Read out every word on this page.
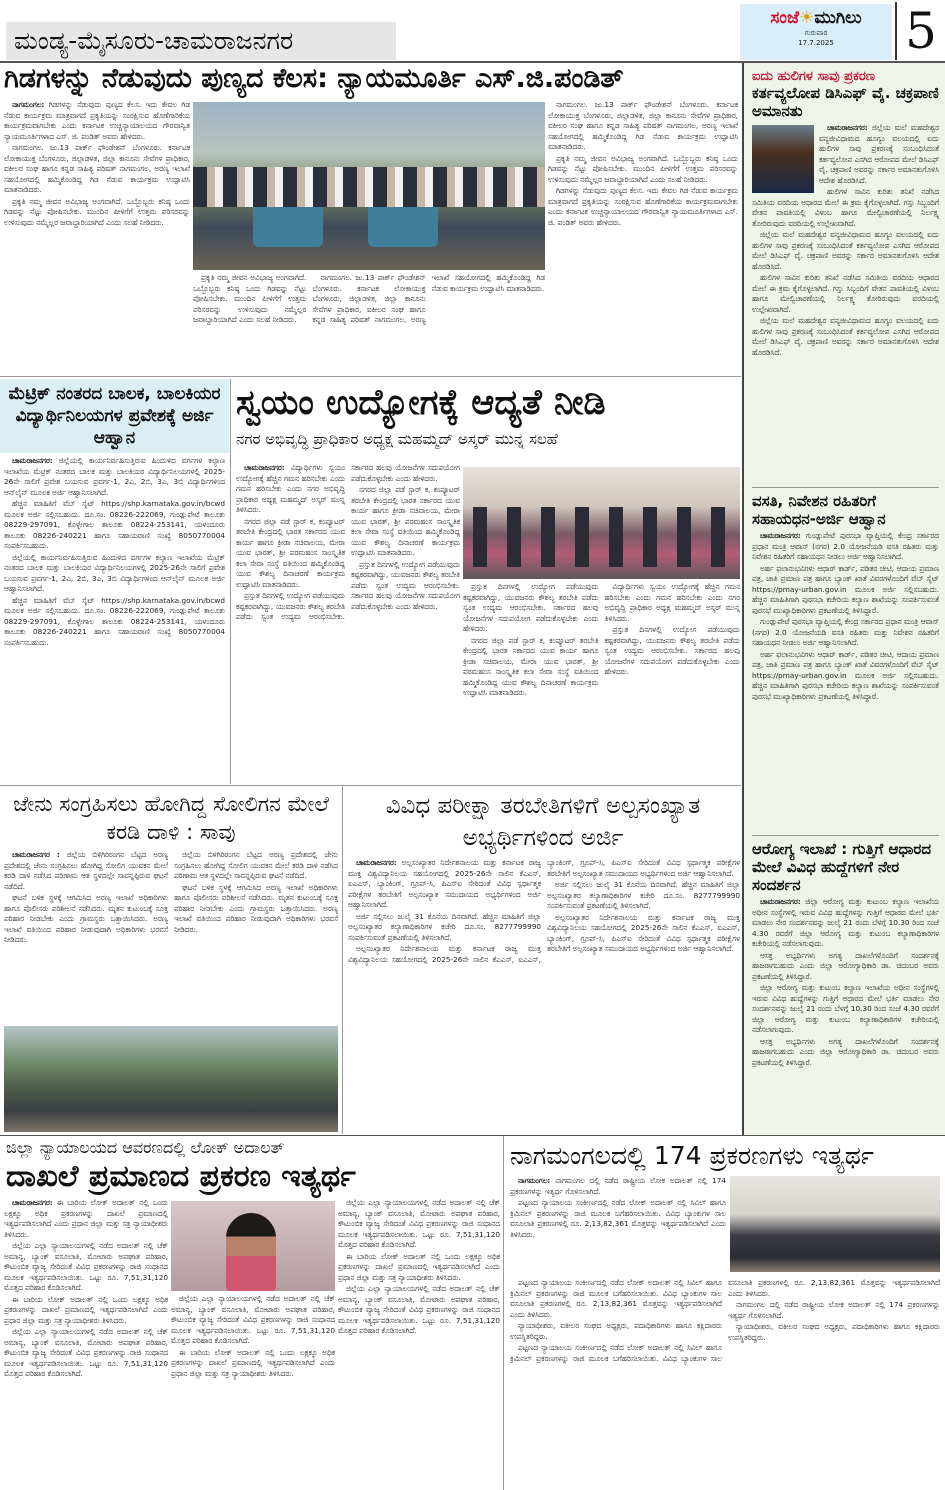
ಮಂಡ್ಯ-ಮೈಸೂರು-ಚಾಮರಾಜನಗರ
ಸಂಜೆ☀ಮುಗಿಲು
ಗುರುವಾರ
17.7.2025	5
ಗಿಡಗಳನ್ನು ನೆಡುವುದು ಪುಣ್ಯದ ಕೆಲಸ: ನ್ಯಾಯಮೂರ್ತಿ ಎಸ್.ಜಿ.ಪಂಡಿತ್

ನಾಗಮಂಗಲ: ಗಿಡಗಳನ್ನು ನೆಡುವುದು ಪುಣ್ಯದ ಕೆಲಸ. ಇದು ಕೇವಲ ಗಿಡ ನೆಡುವ ಕಾರ್ಯಕ್ರಮ ಮಾತ್ರವಾಗದೆ ಪ್ರಕೃತಿಯನ್ನು ಸಂರಕ್ಷಿಸುವ ಹೊಣೆಗಾರಿಕೆಯ ಕಾರ್ಯಕ್ರಮವಾಗಬೇಕು ಎಂದು ಕರ್ನಾಟಕ ಉಚ್ಚನ್ಯಾಯಾಲಯದ ಗೌರವಾನ್ವಿತ ನ್ಯಾಯಮೂರ್ತಿಗಳಾದ ಎಸ್. ಜಿ. ಪಂಡಿತ್ ಅವರು ಹೇಳಿದರು.

ನಾಗಮಂಗಲ. ಜು.13 ಪಾರ್ಕ್ ಫೌಂಡೇಶನ್ ಬೆಂಗಳೂರು. ಕರ್ನಾಟಕ ಲೋಕಾಯುಕ್ತ ಬೆಂಗಳೂರು, ಜಿಲ್ಲಾಡಳಿತ, ಜಿಲ್ಲಾ ಕಾನೂನು ಸೇವೆಗಳ ಪ್ರಾಧಿಕಾರ, ವಕೀಲರ ಸಂಘ ಹಾಗೂ ಕನ್ನಡ ಸಾಹಿತ್ಯ ಪರಿಷತ್ ನಾಗಮಂಗಲ, ಅರಣ್ಯ ಇಲಾಖೆ ಸಹಯೋಗದಲ್ಲಿ ಹಮ್ಮಿಕೊಂಡಿದ್ದ ಗಿಡ ನೆಡುವ ಕಾರ್ಯಕ್ರಮ ಉದ್ಘಾಟಿಸಿ ಮಾತನಾಡಿದರು.

ಪ್ರಕೃತಿ ನಮ್ಮ ಜೀವನ ಅವಿಭಾಜ್ಯ ಅಂಗವಾಗಿದೆ. ಒಬ್ಬೊಬ್ಬರು ಕನಿಷ್ಠ ಒಂದು ಗಿಡವನ್ನು ನೆಟ್ಟು ಪೋಷಿಸಬೇಕು. ಮುಂದಿನ ಪೀಳಿಗೆಗೆ ಉತ್ತಮ ಪರಿಸರವನ್ನು ಉಳಿಸುವುದು ನಮ್ಮೆಲ್ಲರ ಜವಾಬ್ದಾರಿಯಾಗಿದೆ ಎಂದು ಸಲಹೆ ನೀಡಿದರು.

ಪ್ರಕೃತಿ ನಮ್ಮ ಜೀವನ ಅವಿಭಾಜ್ಯ ಅಂಗವಾಗಿದೆ. ಒಬ್ಬೊಬ್ಬರು ಕನಿಷ್ಠ ಒಂದು ಗಿಡವನ್ನು ನೆಟ್ಟು ಪೋಷಿಸಬೇಕು. ಮುಂದಿನ ಪೀಳಿಗೆಗೆ ಉತ್ತಮ ಪರಿಸರವನ್ನು ಉಳಿಸುವುದು ನಮ್ಮೆಲ್ಲರ ಜವಾಬ್ದಾರಿಯಾಗಿದೆ ಎಂದು ಸಲಹೆ ನೀಡಿದರು.

ನಾಗಮಂಗಲ. ಜು.13 ಪಾರ್ಕ್ ಫೌಂಡೇಶನ್ ಬೆಂಗಳೂರು. ಕರ್ನಾಟಕ ಲೋಕಾಯುಕ್ತ ಬೆಂಗಳೂರು, ಜಿಲ್ಲಾಡಳಿತ, ಜಿಲ್ಲಾ ಕಾನೂನು ಸೇವೆಗಳ ಪ್ರಾಧಿಕಾರ, ವಕೀಲರ ಸಂಘ ಹಾಗೂ ಕನ್ನಡ ಸಾಹಿತ್ಯ ಪರಿಷತ್ ನಾಗಮಂಗಲ, ಅರಣ್ಯ ಇಲಾಖೆ ಸಹಯೋಗದಲ್ಲಿ ಹಮ್ಮಿಕೊಂಡಿದ್ದ ಗಿಡ ನೆಡುವ ಕಾರ್ಯಕ್ರಮ ಉದ್ಘಾಟಿಸಿ ಮಾತನಾಡಿದರು.

ನಾಗಮಂಗಲ. ಜು.13 ಪಾರ್ಕ್ ಫೌಂಡೇಶನ್ ಬೆಂಗಳೂರು. ಕರ್ನಾಟಕ ಲೋಕಾಯುಕ್ತ ಬೆಂಗಳೂರು, ಜಿಲ್ಲಾಡಳಿತ, ಜಿಲ್ಲಾ ಕಾನೂನು ಸೇವೆಗಳ ಪ್ರಾಧಿಕಾರ, ವಕೀಲರ ಸಂಘ ಹಾಗೂ ಕನ್ನಡ ಸಾಹಿತ್ಯ ಪರಿಷತ್ ನಾಗಮಂಗಲ, ಅರಣ್ಯ ಇಲಾಖೆ ಸಹಯೋಗದಲ್ಲಿ ಹಮ್ಮಿಕೊಂಡಿದ್ದ ಗಿಡ ನೆಡುವ ಕಾರ್ಯಕ್ರಮ ಉದ್ಘಾಟಿಸಿ ಮಾತನಾಡಿದರು.

ಪ್ರಕೃತಿ ನಮ್ಮ ಜೀವನ ಅವಿಭಾಜ್ಯ ಅಂಗವಾಗಿದೆ. ಒಬ್ಬೊಬ್ಬರು ಕನಿಷ್ಠ ಒಂದು ಗಿಡವನ್ನು ನೆಟ್ಟು ಪೋಷಿಸಬೇಕು. ಮುಂದಿನ ಪೀಳಿಗೆಗೆ ಉತ್ತಮ ಪರಿಸರವನ್ನು ಉಳಿಸುವುದು ನಮ್ಮೆಲ್ಲರ ಜವಾಬ್ದಾರಿಯಾಗಿದೆ ಎಂದು ಸಲಹೆ ನೀಡಿದರು.

ಗಿಡಗಳನ್ನು ನೆಡುವುದು ಪುಣ್ಯದ ಕೆಲಸ. ಇದು ಕೇವಲ ಗಿಡ ನೆಡುವ ಕಾರ್ಯಕ್ರಮ ಮಾತ್ರವಾಗದೆ ಪ್ರಕೃತಿಯನ್ನು ಸಂರಕ್ಷಿಸುವ ಹೊಣೆಗಾರಿಕೆಯ ಕಾರ್ಯಕ್ರಮವಾಗಬೇಕು ಎಂದು ಕರ್ನಾಟಕ ಉಚ್ಚನ್ಯಾಯಾಲಯದ ಗೌರವಾನ್ವಿತ ನ್ಯಾಯಮೂರ್ತಿಗಳಾದ ಎಸ್. ಜಿ. ಪಂಡಿತ್ ಅವರು ಹೇಳಿದರು.

ಐದು ಹುಲಿಗಳ ಸಾವು ಪ್ರಕರಣ
ಕರ್ತವ್ಯಲೋಪ ಡಿಸಿಎಫ್ ವೈ. ಚಕ್ರಪಾಣಿ ಅಮಾನತು

ಚಾಮರಾಜನಗರ: ಜಿಲ್ಲೆಯ ಮಲೆ ಮಹದೇಶ್ವರ ವನ್ಯಜೀವಿಧಾಮದ ಹೂಗ್ಯಂ ವಲಯದಲ್ಲಿ ಐದು ಹುಲಿಗಳ ಸಾವು ಪ್ರಕರಣಕ್ಕೆ ಸಂಬಂಧಿಸಿದಂತೆ ಕರ್ತವ್ಯಲೋಪ ಎಸಗಿದ ಆರೋಪದ ಮೇಲೆ ಡಿಸಿಎಫ್ ವೈ. ಚಕ್ರಪಾಣಿ ಅವರನ್ನು ಸರ್ಕಾರ ಅಮಾನತುಗೊಳಿಸಿ ಆದೇಶ ಹೊರಡಿಸಿದೆ.

ಹುಲಿಗಳ ಸಾವಿನ ಕುರಿತು ತನಿಖೆ ನಡೆಸಿದ ಸಮಿತಿಯ ವರದಿಯ ಆಧಾರದ ಮೇಲೆ ಈ ಕ್ರಮ ಕೈಗೊಳ್ಳಲಾಗಿದೆ. ಗಸ್ತು ಸಿಬ್ಬಂದಿಗೆ ವೇತನ ಪಾವತಿಯಲ್ಲಿ ವಿಳಂಬ ಹಾಗೂ ಮೇಲ್ವಿಚಾರಣೆಯಲ್ಲಿ ನಿರ್ಲಕ್ಷ್ಯ ತೋರಿರುವುದು ವರದಿಯಲ್ಲಿ ಉಲ್ಲೇಖವಾಗಿದೆ.

ಜಿಲ್ಲೆಯ ಮಲೆ ಮಹದೇಶ್ವರ ವನ್ಯಜೀವಿಧಾಮದ ಹೂಗ್ಯಂ ವಲಯದಲ್ಲಿ ಐದು ಹುಲಿಗಳ ಸಾವು ಪ್ರಕರಣಕ್ಕೆ ಸಂಬಂಧಿಸಿದಂತೆ ಕರ್ತವ್ಯಲೋಪ ಎಸಗಿದ ಆರೋಪದ ಮೇಲೆ ಡಿಸಿಎಫ್ ವೈ. ಚಕ್ರಪಾಣಿ ಅವರನ್ನು ಸರ್ಕಾರ ಅಮಾನತುಗೊಳಿಸಿ ಆದೇಶ ಹೊರಡಿಸಿದೆ.

ಹುಲಿಗಳ ಸಾವಿನ ಕುರಿತು ತನಿಖೆ ನಡೆಸಿದ ಸಮಿತಿಯ ವರದಿಯ ಆಧಾರದ ಮೇಲೆ ಈ ಕ್ರಮ ಕೈಗೊಳ್ಳಲಾಗಿದೆ. ಗಸ್ತು ಸಿಬ್ಬಂದಿಗೆ ವೇತನ ಪಾವತಿಯಲ್ಲಿ ವಿಳಂಬ ಹಾಗೂ ಮೇಲ್ವಿಚಾರಣೆಯಲ್ಲಿ ನಿರ್ಲಕ್ಷ್ಯ ತೋರಿರುವುದು ವರದಿಯಲ್ಲಿ ಉಲ್ಲೇಖವಾಗಿದೆ.

ಜಿಲ್ಲೆಯ ಮಲೆ ಮಹದೇಶ್ವರ ವನ್ಯಜೀವಿಧಾಮದ ಹೂಗ್ಯಂ ವಲಯದಲ್ಲಿ ಐದು ಹುಲಿಗಳ ಸಾವು ಪ್ರಕರಣಕ್ಕೆ ಸಂಬಂಧಿಸಿದಂತೆ ಕರ್ತವ್ಯಲೋಪ ಎಸಗಿದ ಆರೋಪದ ಮೇಲೆ ಡಿಸಿಎಫ್ ವೈ. ಚಕ್ರಪಾಣಿ ಅವರನ್ನು ಸರ್ಕಾರ ಅಮಾನತುಗೊಳಿಸಿ ಆದೇಶ ಹೊರಡಿಸಿದೆ.

ವಸತಿ, ನಿವೇಶನ ರಹಿತರಿಗೆ ಸಹಾಯಧನ-ಅರ್ಜಿ ಆಹ್ವಾನ

ಚಾಮರಾಜನಗರ: ಗುಂಡ್ಲುಪೇಟೆ ಪುರಸಭಾ ವ್ಯಾಪ್ತಿಯಲ್ಲಿ ಕೇಂದ್ರ ಸರ್ಕಾರದ ಪ್ರಧಾನ ಮಂತ್ರಿ ಆವಾಸ್ (ನಗರ) 2.0 ಯೋಜನೆಯಡಿ ವಸತಿ ರಹಿತರು ಮತ್ತು ನಿವೇಶನ ರಹಿತರಿಗೆ ಸಹಾಯಧನ ನೀಡಲು ಅರ್ಜಿ ಆಹ್ವಾನಿಸಲಾಗಿದೆ.

ಅರ್ಹ ಫಲಾನುಭವಿಗಳು ಆಧಾರ್ ಕಾರ್ಡ್, ಪಡಿತರ ಚೀಟಿ, ಆದಾಯ ಪ್ರಮಾಣ ಪತ್ರ, ಜಾತಿ ಪ್ರಮಾಣ ಪತ್ರ ಹಾಗೂ ಬ್ಯಾಂಕ್ ಖಾತೆ ವಿವರಗಳೊಂದಿಗೆ ವೆಬ್ ಸೈಟ್ https://pmay-urban.gov.in ಮೂಲಕ ಅರ್ಜಿ ಸಲ್ಲಿಸಬಹುದು. ಹೆಚ್ಚಿನ ಮಾಹಿತಿಗಾಗಿ ಪುರಸಭಾ ಕಚೇರಿಯ ಕಲ್ಯಾಣ ಶಾಖೆಯನ್ನು ಸಂಪರ್ಕಿಸುವಂತೆ ಪುರಸಭೆ ಮುಖ್ಯಾಧಿಕಾರಿಗಳು ಪ್ರಕಟಣೆಯಲ್ಲಿ ತಿಳಿಸಿದ್ದಾರೆ.

ಗುಂಡ್ಲುಪೇಟೆ ಪುರಸಭಾ ವ್ಯಾಪ್ತಿಯಲ್ಲಿ ಕೇಂದ್ರ ಸರ್ಕಾರದ ಪ್ರಧಾನ ಮಂತ್ರಿ ಆವಾಸ್ (ನಗರ) 2.0 ಯೋಜನೆಯಡಿ ವಸತಿ ರಹಿತರು ಮತ್ತು ನಿವೇಶನ ರಹಿತರಿಗೆ ಸಹಾಯಧನ ನೀಡಲು ಅರ್ಜಿ ಆಹ್ವಾನಿಸಲಾಗಿದೆ.

ಅರ್ಹ ಫಲಾನುಭವಿಗಳು ಆಧಾರ್ ಕಾರ್ಡ್, ಪಡಿತರ ಚೀಟಿ, ಆದಾಯ ಪ್ರಮಾಣ ಪತ್ರ, ಜಾತಿ ಪ್ರಮಾಣ ಪತ್ರ ಹಾಗೂ ಬ್ಯಾಂಕ್ ಖಾತೆ ವಿವರಗಳೊಂದಿಗೆ ವೆಬ್ ಸೈಟ್ https://pmay-urban.gov.in ಮೂಲಕ ಅರ್ಜಿ ಸಲ್ಲಿಸಬಹುದು. ಹೆಚ್ಚಿನ ಮಾಹಿತಿಗಾಗಿ ಪುರಸಭಾ ಕಚೇರಿಯ ಕಲ್ಯಾಣ ಶಾಖೆಯನ್ನು ಸಂಪರ್ಕಿಸುವಂತೆ ಪುರಸಭೆ ಮುಖ್ಯಾಧಿಕಾರಿಗಳು ಪ್ರಕಟಣೆಯಲ್ಲಿ ತಿಳಿಸಿದ್ದಾರೆ.

ಆರೋಗ್ಯ ಇಲಾಖೆ : ಗುತ್ತಿಗೆ ಆಧಾರದ ಮೇಲೆ ವಿವಿಧ ಹುದ್ದೆಗಳಿಗೆ ನೇರ ಸಂದರ್ಶನ

ಚಾಮರಾಜನಗರ: ಜಿಲ್ಲಾ ಆರೋಗ್ಯ ಮತ್ತು ಕುಟುಂಬ ಕಲ್ಯಾಣ ಇಲಾಖೆಯ ಅಧೀನ ಸಂಸ್ಥೆಗಳಲ್ಲಿ ಇರುವ ವಿವಿಧ ಹುದ್ದೆಗಳನ್ನು ಗುತ್ತಿಗೆ ಆಧಾರದ ಮೇಲೆ ಭರ್ತಿ ಮಾಡಲು ನೇರ ಸಂದರ್ಶನವನ್ನು ಜುಲೈ 21 ರಂದು ಬೆಳಗ್ಗೆ 10.30 ರಿಂದ ಸಂಜೆ 4.30 ರವರೆಗೆ ಜಿಲ್ಲಾ ಆರೋಗ್ಯ ಮತ್ತು ಕುಟುಂಬ ಕಲ್ಯಾಣಾಧಿಕಾರಿಗಳ ಕಚೇರಿಯಲ್ಲಿ ನಡೆಸಲಾಗುವುದು.

ಆಸಕ್ತ ಅಭ್ಯರ್ಥಿಗಳು ಅಗತ್ಯ ದಾಖಲೆಗಳೊಂದಿಗೆ ಸಂದರ್ಶನಕ್ಕೆ ಹಾಜರಾಗಬಹುದು ಎಂದು ಜಿಲ್ಲಾ ಆರೋಗ್ಯಾಧಿಕಾರಿ ಡಾ. ಚಿದಂಬರ ಅವರು ಪ್ರಕಟಣೆಯಲ್ಲಿ ತಿಳಿಸಿದ್ದಾರೆ.

ಜಿಲ್ಲಾ ಆರೋಗ್ಯ ಮತ್ತು ಕುಟುಂಬ ಕಲ್ಯಾಣ ಇಲಾಖೆಯ ಅಧೀನ ಸಂಸ್ಥೆಗಳಲ್ಲಿ ಇರುವ ವಿವಿಧ ಹುದ್ದೆಗಳನ್ನು ಗುತ್ತಿಗೆ ಆಧಾರದ ಮೇಲೆ ಭರ್ತಿ ಮಾಡಲು ನೇರ ಸಂದರ್ಶನವನ್ನು ಜುಲೈ 21 ರಂದು ಬೆಳಗ್ಗೆ 10.30 ರಿಂದ ಸಂಜೆ 4.30 ರವರೆಗೆ ಜಿಲ್ಲಾ ಆರೋಗ್ಯ ಮತ್ತು ಕುಟುಂಬ ಕಲ್ಯಾಣಾಧಿಕಾರಿಗಳ ಕಚೇರಿಯಲ್ಲಿ ನಡೆಸಲಾಗುವುದು.

ಆಸಕ್ತ ಅಭ್ಯರ್ಥಿಗಳು ಅಗತ್ಯ ದಾಖಲೆಗಳೊಂದಿಗೆ ಸಂದರ್ಶನಕ್ಕೆ ಹಾಜರಾಗಬಹುದು ಎಂದು ಜಿಲ್ಲಾ ಆರೋಗ್ಯಾಧಿಕಾರಿ ಡಾ. ಚಿದಂಬರ ಅವರು ಪ್ರಕಟಣೆಯಲ್ಲಿ ತಿಳಿಸಿದ್ದಾರೆ.

ಮೆಟ್ರಿಕ್ ನಂತರದ ಬಾಲಕ, ಬಾಲಕಿಯರ ವಿದ್ಯಾರ್ಥಿನಿಲಯಗಳ ಪ್ರವೇಶಕ್ಕೆ ಅರ್ಜಿ ಆಹ್ವಾನ

ಚಾಮರಾಜನಗರ: ಜಿಲ್ಲೆಯಲ್ಲಿ ಕಾರ್ಯನಿರ್ವಹಿಸುತ್ತಿರುವ ಹಿಂದುಳಿದ ವರ್ಗಗಳ ಕಲ್ಯಾಣ ಇಲಾಖೆಯ ಮೆಟ್ರಿಕ್ ನಂತರದ ಬಾಲಕ ಮತ್ತು ಬಾಲಕಿಯರ ವಿದ್ಯಾರ್ಥಿನಿಲಯಗಳಲ್ಲಿ 2025-26ನೇ ಸಾಲಿಗೆ ಪ್ರವೇಶ ಬಯಸುವ ಪ್ರವರ್ಗ-1, 2ಎ, 2ಬಿ, 3ಎ, 3ಬಿ ವಿದ್ಯಾರ್ಥಿಗಳಿಂದ ಆನ್‌ಲೈನ್ ಮೂಲಕ ಅರ್ಜಿ ಆಹ್ವಾನಿಸಲಾಗಿದೆ.

ಹೆಚ್ಚಿನ ಮಾಹಿತಿಗೆ ವೆಬ್ ಸೈಟ್ https://shp.karnataka.gov.in/bcwd ಮೂಲಕ ಅರ್ಜಿ ಸಲ್ಲಿಸಬಹುದು. ದೂ.ಸಂ. 08226-222069, ಗುಂಡ್ಲುಪೇಟೆ ತಾಲೂಕು 08229-297091, ಕೊಳ್ಳೇಗಾಲ ತಾಲೂಕು 08224-253141, ಯಳಂದೂರು ತಾಲೂಕು 08226-240221 ಹಾಗೂ ಸಹಾಯವಾಣಿ ಸಂಖ್ಯೆ 8050770004 ಸಂಪರ್ಕಿಸಬಹುದು.

ಜಿಲ್ಲೆಯಲ್ಲಿ ಕಾರ್ಯನಿರ್ವಹಿಸುತ್ತಿರುವ ಹಿಂದುಳಿದ ವರ್ಗಗಳ ಕಲ್ಯಾಣ ಇಲಾಖೆಯ ಮೆಟ್ರಿಕ್ ನಂತರದ ಬಾಲಕ ಮತ್ತು ಬಾಲಕಿಯರ ವಿದ್ಯಾರ್ಥಿನಿಲಯಗಳಲ್ಲಿ 2025-26ನೇ ಸಾಲಿಗೆ ಪ್ರವೇಶ ಬಯಸುವ ಪ್ರವರ್ಗ-1, 2ಎ, 2ಬಿ, 3ಎ, 3ಬಿ ವಿದ್ಯಾರ್ಥಿಗಳಿಂದ ಆನ್‌ಲೈನ್ ಮೂಲಕ ಅರ್ಜಿ ಆಹ್ವಾನಿಸಲಾಗಿದೆ.

ಹೆಚ್ಚಿನ ಮಾಹಿತಿಗೆ ವೆಬ್ ಸೈಟ್ https://shp.karnataka.gov.in/bcwd ಮೂಲಕ ಅರ್ಜಿ ಸಲ್ಲಿಸಬಹುದು. ದೂ.ಸಂ. 08226-222069, ಗುಂಡ್ಲುಪೇಟೆ ತಾಲೂಕು 08229-297091, ಕೊಳ್ಳೇಗಾಲ ತಾಲೂಕು 08224-253141, ಯಳಂದೂರು ತಾಲೂಕು 08226-240221 ಹಾಗೂ ಸಹಾಯವಾಣಿ ಸಂಖ್ಯೆ 8050770004 ಸಂಪರ್ಕಿಸಬಹುದು.

ಸ್ವಯಂ ಉದ್ಯೋಗಕ್ಕೆ ಆದ್ಯತೆ ನೀಡಿ
ನಗರ ಅಭಿವೃದ್ಧಿ ಪ್ರಾಧಿಕಾರ ಅಧ್ಯಕ್ಷ ಮಹಮ್ಮದ್ ಅಸ್ಕರ್ ಮುನ್ನ ಸಲಹೆ

ಚಾಮರಾಜನಗರ: ವಿದ್ಯಾರ್ಥಿಗಳು ಸ್ವಯಂ ಉದ್ಯೋಗಕ್ಕೆ ಹೆಚ್ಚಿನ ಗಮನ ಹರಿಸಬೇಕು ಎಂದು ಗಮನ ಹರಿಸಬೇಕು ಎಂದು ನಗರ ಅಭಿವೃದ್ಧಿ ಪ್ರಾಧಿಕಾರ ಅಧ್ಯಕ್ಷ ಮಹಮ್ಮದ್ ಅಸ್ಕರ್ ಮುನ್ನ ತಿಳಿಸಿದರು.

ನಗರದ ಜಿಲ್ಲಾ ಪಡೆ ಸ್ಟಾರ್ ಕ, ಕಂಪ್ಯೂಟರ್ ತರಬೇತಿ ಕೇಂದ್ರದಲ್ಲಿ ಭಾರತ ಸರ್ಕಾರದ ಯುವ ಕಾರ್ಯ ಹಾಗೂ ಕ್ರೀಡಾ ಸಚಿವಾಲಯ, ಮೇರಾ ಯುವ ಭಾರತ್, ಶ್ರೀ ಪರಮಹಂಸ ಸಾಂಸ್ಕೃತಿಕ ಕಲಾ ಸೇವಾ ಸಂಸ್ಥೆ ವತಿಯಿಂದ ಹಮ್ಮಿಕೊಂಡಿದ್ದ ಯುವ ಕೌಶಲ್ಯ ದಿನಾಚರಣೆ ಕಾರ್ಯಕ್ರಮ ಉದ್ಘಾಟಿಸಿ ಮಾತನಾಡಿದರು.

ಪ್ರಸ್ತುತ ದಿನಗಳಲ್ಲಿ ಉದ್ಯೋಗ ಪಡೆಯುವುದು ಕಷ್ಟಕರವಾಗಿದ್ದು, ಯುವಜನರು ಕೌಶಲ್ಯ ತರಬೇತಿ ಪಡೆದು ಸ್ವಂತ ಉದ್ಯಮ ಆರಂಭಿಸಬೇಕು. ಸರ್ಕಾರದ ಹಲವು ಯೋಜನೆಗಳ ಸದುಪಯೋಗ ಪಡೆದುಕೊಳ್ಳಬೇಕು ಎಂದು ಹೇಳಿದರು.

ನಗರದ ಜಿಲ್ಲಾ ಪಡೆ ಸ್ಟಾರ್ ಕ, ಕಂಪ್ಯೂಟರ್ ತರಬೇತಿ ಕೇಂದ್ರದಲ್ಲಿ ಭಾರತ ಸರ್ಕಾರದ ಯುವ ಕಾರ್ಯ ಹಾಗೂ ಕ್ರೀಡಾ ಸಚಿವಾಲಯ, ಮೇರಾ ಯುವ ಭಾರತ್, ಶ್ರೀ ಪರಮಹಂಸ ಸಾಂಸ್ಕೃತಿಕ ಕಲಾ ಸೇವಾ ಸಂಸ್ಥೆ ವತಿಯಿಂದ ಹಮ್ಮಿಕೊಂಡಿದ್ದ ಯುವ ಕೌಶಲ್ಯ ದಿನಾಚರಣೆ ಕಾರ್ಯಕ್ರಮ ಉದ್ಘಾಟಿಸಿ ಮಾತನಾಡಿದರು.

ಪ್ರಸ್ತುತ ದಿನಗಳಲ್ಲಿ ಉದ್ಯೋಗ ಪಡೆಯುವುದು ಕಷ್ಟಕರವಾಗಿದ್ದು, ಯುವಜನರು ಕೌಶಲ್ಯ ತರಬೇತಿ ಪಡೆದು ಸ್ವಂತ ಉದ್ಯಮ ಆರಂಭಿಸಬೇಕು. ಸರ್ಕಾರದ ಹಲವು ಯೋಜನೆಗಳ ಸದುಪಯೋಗ ಪಡೆದುಕೊಳ್ಳಬೇಕು ಎಂದು ಹೇಳಿದರು.

ಪ್ರಸ್ತುತ ದಿನಗಳಲ್ಲಿ ಉದ್ಯೋಗ ಪಡೆಯುವುದು ಕಷ್ಟಕರವಾಗಿದ್ದು, ಯುವಜನರು ಕೌಶಲ್ಯ ತರಬೇತಿ ಪಡೆದು ಸ್ವಂತ ಉದ್ಯಮ ಆರಂಭಿಸಬೇಕು. ಸರ್ಕಾರದ ಹಲವು ಯೋಜನೆಗಳ ಸದುಪಯೋಗ ಪಡೆದುಕೊಳ್ಳಬೇಕು ಎಂದು ಹೇಳಿದರು.

ನಗರದ ಜಿಲ್ಲಾ ಪಡೆ ಸ್ಟಾರ್ ಕ, ಕಂಪ್ಯೂಟರ್ ತರಬೇತಿ ಕೇಂದ್ರದಲ್ಲಿ ಭಾರತ ಸರ್ಕಾರದ ಯುವ ಕಾರ್ಯ ಹಾಗೂ ಕ್ರೀಡಾ ಸಚಿವಾಲಯ, ಮೇರಾ ಯುವ ಭಾರತ್, ಶ್ರೀ ಪರಮಹಂಸ ಸಾಂಸ್ಕೃತಿಕ ಕಲಾ ಸೇವಾ ಸಂಸ್ಥೆ ವತಿಯಿಂದ ಹಮ್ಮಿಕೊಂಡಿದ್ದ ಯುವ ಕೌಶಲ್ಯ ದಿನಾಚರಣೆ ಕಾರ್ಯಕ್ರಮ ಉದ್ಘಾಟಿಸಿ ಮಾತನಾಡಿದರು.

ವಿದ್ಯಾರ್ಥಿಗಳು ಸ್ವಯಂ ಉದ್ಯೋಗಕ್ಕೆ ಹೆಚ್ಚಿನ ಗಮನ ಹರಿಸಬೇಕು ಎಂದು ಗಮನ ಹರಿಸಬೇಕು ಎಂದು ನಗರ ಅಭಿವೃದ್ಧಿ ಪ್ರಾಧಿಕಾರ ಅಧ್ಯಕ್ಷ ಮಹಮ್ಮದ್ ಅಸ್ಕರ್ ಮುನ್ನ ತಿಳಿಸಿದರು.

ಪ್ರಸ್ತುತ ದಿನಗಳಲ್ಲಿ ಉದ್ಯೋಗ ಪಡೆಯುವುದು ಕಷ್ಟಕರವಾಗಿದ್ದು, ಯುವಜನರು ಕೌಶಲ್ಯ ತರಬೇತಿ ಪಡೆದು ಸ್ವಂತ ಉದ್ಯಮ ಆರಂಭಿಸಬೇಕು. ಸರ್ಕಾರದ ಹಲವು ಯೋಜನೆಗಳ ಸದುಪಯೋಗ ಪಡೆದುಕೊಳ್ಳಬೇಕು ಎಂದು ಹೇಳಿದರು.

ಜೇನು ಸಂಗ್ರಹಿಸಲು ಹೋಗಿದ್ದ ಸೋಲಿಗನ ಮೇಲೆ ಕರಡಿ ದಾಳಿ : ಸಾವು

ಚಾಮರಾಜನಗರ : ಜಿಲ್ಲೆಯ ಬಿಳಿಗಿರಿರಂಗನ ಬೆಟ್ಟದ ಅರಣ್ಯ ಪ್ರದೇಶದಲ್ಲಿ ಜೇನು ಸಂಗ್ರಹಿಸಲು ಹೋಗಿದ್ದ ಸೋಲಿಗ ಯುವಕನ ಮೇಲೆ ಕರಡಿ ದಾಳಿ ನಡೆಸಿದ ಪರಿಣಾಮ ಆತ ಸ್ಥಳದಲ್ಲೇ ಸಾವನ್ನಪ್ಪಿರುವ ಘಟನೆ ನಡೆದಿದೆ.

ಘಟನೆ ಬಳಿಕ ಸ್ಥಳಕ್ಕೆ ಆಗಮಿಸಿದ ಅರಣ್ಯ ಇಲಾಖೆ ಅಧಿಕಾರಿಗಳು ಹಾಗೂ ಪೊಲೀಸರು ಪರಿಶೀಲನೆ ನಡೆಸಿದರು. ಮೃತನ ಕುಟುಂಬಕ್ಕೆ ಸೂಕ್ತ ಪರಿಹಾರ ನೀಡಬೇಕು ಎಂದು ಗ್ರಾಮಸ್ಥರು ಒತ್ತಾಯಿಸಿದರು. ಅರಣ್ಯ ಇಲಾಖೆ ವತಿಯಿಂದ ಪರಿಹಾರ ನೀಡುವುದಾಗಿ ಅಧಿಕಾರಿಗಳು ಭರವಸೆ ನೀಡಿದರು.

ಜಿಲ್ಲೆಯ ಬಿಳಿಗಿರಿರಂಗನ ಬೆಟ್ಟದ ಅರಣ್ಯ ಪ್ರದೇಶದಲ್ಲಿ ಜೇನು ಸಂಗ್ರಹಿಸಲು ಹೋಗಿದ್ದ ಸೋಲಿಗ ಯುವಕನ ಮೇಲೆ ಕರಡಿ ದಾಳಿ ನಡೆಸಿದ ಪರಿಣಾಮ ಆತ ಸ್ಥಳದಲ್ಲೇ ಸಾವನ್ನಪ್ಪಿರುವ ಘಟನೆ ನಡೆದಿದೆ.

ಘಟನೆ ಬಳಿಕ ಸ್ಥಳಕ್ಕೆ ಆಗಮಿಸಿದ ಅರಣ್ಯ ಇಲಾಖೆ ಅಧಿಕಾರಿಗಳು ಹಾಗೂ ಪೊಲೀಸರು ಪರಿಶೀಲನೆ ನಡೆಸಿದರು. ಮೃತನ ಕುಟುಂಬಕ್ಕೆ ಸೂಕ್ತ ಪರಿಹಾರ ನೀಡಬೇಕು ಎಂದು ಗ್ರಾಮಸ್ಥರು ಒತ್ತಾಯಿಸಿದರು. ಅರಣ್ಯ ಇಲಾಖೆ ವತಿಯಿಂದ ಪರಿಹಾರ ನೀಡುವುದಾಗಿ ಅಧಿಕಾರಿಗಳು ಭರವಸೆ ನೀಡಿದರು.

ವಿವಿಧ ಪರೀಕ್ಷಾ ತರಬೇತಿಗಳಿಗೆ ಅಲ್ಪಸಂಖ್ಯಾತ ಅಭ್ಯರ್ಥಿಗಳಿಂದ ಅರ್ಜಿ

ಚಾಮರಾಜನಗರ: ಅಲ್ಪಸಂಖ್ಯಾತರ ನಿರ್ದೇಶನಾಲಯ ಮತ್ತು ಕರ್ನಾಟಕ ರಾಜ್ಯ ಮುಕ್ತ ವಿಶ್ವವಿದ್ಯಾನಿಲಯ ಸಹಯೋಗದಲ್ಲಿ 2025-26ನೇ ಸಾಲಿನ ಕೆಎಎಸ್, ಐಎಎಸ್, ಬ್ಯಾಂಕಿಂಗ್, ಗ್ರೂಪ್-ಸಿ, ಪಿಎಸ್ಐ ಸೇರಿದಂತೆ ವಿವಿಧ ಸ್ಪರ್ಧಾತ್ಮಕ ಪರೀಕ್ಷೆಗಳ ತರಬೇತಿಗೆ ಅಲ್ಪಸಂಖ್ಯಾತ ಸಮುದಾಯದ ಅಭ್ಯರ್ಥಿಗಳಿಂದ ಅರ್ಜಿ ಆಹ್ವಾನಿಸಲಾಗಿದೆ.

ಅರ್ಜಿ ಸಲ್ಲಿಸಲು ಜುಲೈ 31 ಕೊನೆಯ ದಿನವಾಗಿದೆ. ಹೆಚ್ಚಿನ ಮಾಹಿತಿಗೆ ಜಿಲ್ಲಾ ಅಲ್ಪಸಂಖ್ಯಾತರ ಕಲ್ಯಾಣಾಧಿಕಾರಿಗಳ ಕಚೇರಿ ದೂ.ಸಂ. 8277799990 ಸಂಪರ್ಕಿಸುವಂತೆ ಪ್ರಕಟಣೆಯಲ್ಲಿ ತಿಳಿಸಲಾಗಿದೆ.

ಅಲ್ಪಸಂಖ್ಯಾತರ ನಿರ್ದೇಶನಾಲಯ ಮತ್ತು ಕರ್ನಾಟಕ ರಾಜ್ಯ ಮುಕ್ತ ವಿಶ್ವವಿದ್ಯಾನಿಲಯ ಸಹಯೋಗದಲ್ಲಿ 2025-26ನೇ ಸಾಲಿನ ಕೆಎಎಸ್, ಐಎಎಸ್, ಬ್ಯಾಂಕಿಂಗ್, ಗ್ರೂಪ್-ಸಿ, ಪಿಎಸ್ಐ ಸೇರಿದಂತೆ ವಿವಿಧ ಸ್ಪರ್ಧಾತ್ಮಕ ಪರೀಕ್ಷೆಗಳ ತರಬೇತಿಗೆ ಅಲ್ಪಸಂಖ್ಯಾತ ಸಮುದಾಯದ ಅಭ್ಯರ್ಥಿಗಳಿಂದ ಅರ್ಜಿ ಆಹ್ವಾನಿಸಲಾಗಿದೆ.

ಅರ್ಜಿ ಸಲ್ಲಿಸಲು ಜುಲೈ 31 ಕೊನೆಯ ದಿನವಾಗಿದೆ. ಹೆಚ್ಚಿನ ಮಾಹಿತಿಗೆ ಜಿಲ್ಲಾ ಅಲ್ಪಸಂಖ್ಯಾತರ ಕಲ್ಯಾಣಾಧಿಕಾರಿಗಳ ಕಚೇರಿ ದೂ.ಸಂ. 8277799990 ಸಂಪರ್ಕಿಸುವಂತೆ ಪ್ರಕಟಣೆಯಲ್ಲಿ ತಿಳಿಸಲಾಗಿದೆ.

ಅಲ್ಪಸಂಖ್ಯಾತರ ನಿರ್ದೇಶನಾಲಯ ಮತ್ತು ಕರ್ನಾಟಕ ರಾಜ್ಯ ಮುಕ್ತ ವಿಶ್ವವಿದ್ಯಾನಿಲಯ ಸಹಯೋಗದಲ್ಲಿ 2025-26ನೇ ಸಾಲಿನ ಕೆಎಎಸ್, ಐಎಎಸ್, ಬ್ಯಾಂಕಿಂಗ್, ಗ್ರೂಪ್-ಸಿ, ಪಿಎಸ್ಐ ಸೇರಿದಂತೆ ವಿವಿಧ ಸ್ಪರ್ಧಾತ್ಮಕ ಪರೀಕ್ಷೆಗಳ ತರಬೇತಿಗೆ ಅಲ್ಪಸಂಖ್ಯಾತ ಸಮುದಾಯದ ಅಭ್ಯರ್ಥಿಗಳಿಂದ ಅರ್ಜಿ ಆಹ್ವಾನಿಸಲಾಗಿದೆ.

ಜಿಲ್ಲಾ ನ್ಯಾಯಾಲಯದ ಆವರಣದಲ್ಲಿ ಲೋಕ್ ಅದಾಲತ್
ದಾಖಲೆ ಪ್ರಮಾಣದ ಪ್ರಕರಣ ಇತ್ಯರ್ಥ

ಚಾಮರಾಜನಗರ: ಈ ಬಾರಿಯ ಲೋಕ್ ಅದಾಲತ್ ನಲ್ಲಿ ಒಂದು ಲಕ್ಷಕ್ಕೂ ಅಧಿಕ ಪ್ರಕರಣಗಳನ್ನು ದಾಖಲೆ ಪ್ರಮಾಣದಲ್ಲಿ ಇತ್ಯರ್ಥಪಡಿಸಲಾಗಿದೆ ಎಂದು ಪ್ರಧಾನ ಜಿಲ್ಲಾ ಮತ್ತು ಸತ್ರ ನ್ಯಾಯಾಧೀಶರು ತಿಳಿಸಿದರು.

ಜಿಲ್ಲೆಯ ಎಲ್ಲಾ ನ್ಯಾಯಾಲಯಗಳಲ್ಲಿ ನಡೆದ ಅದಾಲತ್ ನಲ್ಲಿ ಚೆಕ್ ಅಮಾನ್ಯ, ಬ್ಯಾಂಕ್ ವಸೂಲಾತಿ, ಮೋಟಾರು ಅಪಘಾತ ಪರಿಹಾರ, ಕೌಟುಂಬಿಕ ವ್ಯಾಜ್ಯ ಸೇರಿದಂತೆ ವಿವಿಧ ಪ್ರಕರಣಗಳನ್ನು ರಾಜಿ ಸಂಧಾನದ ಮೂಲಕ ಇತ್ಯರ್ಥಪಡಿಸಲಾಯಿತು. ಒಟ್ಟು ರೂ. 7,51,31,120 ಮೊತ್ತದ ಪರಿಹಾರ ಕೊಡಿಸಲಾಗಿದೆ.

ಈ ಬಾರಿಯ ಲೋಕ್ ಅದಾಲತ್ ನಲ್ಲಿ ಒಂದು ಲಕ್ಷಕ್ಕೂ ಅಧಿಕ ಪ್ರಕರಣಗಳನ್ನು ದಾಖಲೆ ಪ್ರಮಾಣದಲ್ಲಿ ಇತ್ಯರ್ಥಪಡಿಸಲಾಗಿದೆ ಎಂದು ಪ್ರಧಾನ ಜಿಲ್ಲಾ ಮತ್ತು ಸತ್ರ ನ್ಯಾಯಾಧೀಶರು ತಿಳಿಸಿದರು.

ಜಿಲ್ಲೆಯ ಎಲ್ಲಾ ನ್ಯಾಯಾಲಯಗಳಲ್ಲಿ ನಡೆದ ಅದಾಲತ್ ನಲ್ಲಿ ಚೆಕ್ ಅಮಾನ್ಯ, ಬ್ಯಾಂಕ್ ವಸೂಲಾತಿ, ಮೋಟಾರು ಅಪಘಾತ ಪರಿಹಾರ, ಕೌಟುಂಬಿಕ ವ್ಯಾಜ್ಯ ಸೇರಿದಂತೆ ವಿವಿಧ ಪ್ರಕರಣಗಳನ್ನು ರಾಜಿ ಸಂಧಾನದ ಮೂಲಕ ಇತ್ಯರ್ಥಪಡಿಸಲಾಯಿತು. ಒಟ್ಟು ರೂ. 7,51,31,120 ಮೊತ್ತದ ಪರಿಹಾರ ಕೊಡಿಸಲಾಗಿದೆ.

ಜಿಲ್ಲೆಯ ಎಲ್ಲಾ ನ್ಯಾಯಾಲಯಗಳಲ್ಲಿ ನಡೆದ ಅದಾಲತ್ ನಲ್ಲಿ ಚೆಕ್ ಅಮಾನ್ಯ, ಬ್ಯಾಂಕ್ ವಸೂಲಾತಿ, ಮೋಟಾರು ಅಪಘಾತ ಪರಿಹಾರ, ಕೌಟುಂಬಿಕ ವ್ಯಾಜ್ಯ ಸೇರಿದಂತೆ ವಿವಿಧ ಪ್ರಕರಣಗಳನ್ನು ರಾಜಿ ಸಂಧಾನದ ಮೂಲಕ ಇತ್ಯರ್ಥಪಡಿಸಲಾಯಿತು. ಒಟ್ಟು ರೂ. 7,51,31,120 ಮೊತ್ತದ ಪರಿಹಾರ ಕೊಡಿಸಲಾಗಿದೆ.

ಈ ಬಾರಿಯ ಲೋಕ್ ಅದಾಲತ್ ನಲ್ಲಿ ಒಂದು ಲಕ್ಷಕ್ಕೂ ಅಧಿಕ ಪ್ರಕರಣಗಳನ್ನು ದಾಖಲೆ ಪ್ರಮಾಣದಲ್ಲಿ ಇತ್ಯರ್ಥಪಡಿಸಲಾಗಿದೆ ಎಂದು ಪ್ರಧಾನ ಜಿಲ್ಲಾ ಮತ್ತು ಸತ್ರ ನ್ಯಾಯಾಧೀಶರು ತಿಳಿಸಿದರು.

ಜಿಲ್ಲೆಯ ಎಲ್ಲಾ ನ್ಯಾಯಾಲಯಗಳಲ್ಲಿ ನಡೆದ ಅದಾಲತ್ ನಲ್ಲಿ ಚೆಕ್ ಅಮಾನ್ಯ, ಬ್ಯಾಂಕ್ ವಸೂಲಾತಿ, ಮೋಟಾರು ಅಪಘಾತ ಪರಿಹಾರ, ಕೌಟುಂಬಿಕ ವ್ಯಾಜ್ಯ ಸೇರಿದಂತೆ ವಿವಿಧ ಪ್ರಕರಣಗಳನ್ನು ರಾಜಿ ಸಂಧಾನದ ಮೂಲಕ ಇತ್ಯರ್ಥಪಡಿಸಲಾಯಿತು. ಒಟ್ಟು ರೂ. 7,51,31,120 ಮೊತ್ತದ ಪರಿಹಾರ ಕೊಡಿಸಲಾಗಿದೆ.

ಈ ಬಾರಿಯ ಲೋಕ್ ಅದಾಲತ್ ನಲ್ಲಿ ಒಂದು ಲಕ್ಷಕ್ಕೂ ಅಧಿಕ ಪ್ರಕರಣಗಳನ್ನು ದಾಖಲೆ ಪ್ರಮಾಣದಲ್ಲಿ ಇತ್ಯರ್ಥಪಡಿಸಲಾಗಿದೆ ಎಂದು ಪ್ರಧಾನ ಜಿಲ್ಲಾ ಮತ್ತು ಸತ್ರ ನ್ಯಾಯಾಧೀಶರು ತಿಳಿಸಿದರು.

ಜಿಲ್ಲೆಯ ಎಲ್ಲಾ ನ್ಯಾಯಾಲಯಗಳಲ್ಲಿ ನಡೆದ ಅದಾಲತ್ ನಲ್ಲಿ ಚೆಕ್ ಅಮಾನ್ಯ, ಬ್ಯಾಂಕ್ ವಸೂಲಾತಿ, ಮೋಟಾರು ಅಪಘಾತ ಪರಿಹಾರ, ಕೌಟುಂಬಿಕ ವ್ಯಾಜ್ಯ ಸೇರಿದಂತೆ ವಿವಿಧ ಪ್ರಕರಣಗಳನ್ನು ರಾಜಿ ಸಂಧಾನದ ಮೂಲಕ ಇತ್ಯರ್ಥಪಡಿಸಲಾಯಿತು. ಒಟ್ಟು ರೂ. 7,51,31,120 ಮೊತ್ತದ ಪರಿಹಾರ ಕೊಡಿಸಲಾಗಿದೆ.

ನಾಗಮಂಗಲದಲ್ಲಿ 174 ಪ್ರಕರಣಗಳು ಇತ್ಯರ್ಥ

ನಾಗಮಂಗಲ: ನಾಗಮಂಗಲ ದಲ್ಲಿ ನಡೆದ ರಾಷ್ಟ್ರೀಯ ಲೋಕ ಅದಾಲತ್ ನಲ್ಲಿ 174 ಪ್ರಕರಣಗಳನ್ನು ಇತ್ಯರ್ಥ ಗೊಳಿಸಲಾಗಿದೆ.

ಪಟ್ಟಣದ ನ್ಯಾಯಾಲಯ ಸಂಕೀರ್ಣದಲ್ಲಿ ನಡೆದ ಲೋಕ್ ಅದಾಲತ್ ನಲ್ಲಿ ಸಿವಿಲ್ ಹಾಗೂ ಕ್ರಿಮಿನಲ್ ಪ್ರಕರಣಗಳನ್ನು ರಾಜಿ ಮೂಲಕ ಬಗೆಹರಿಸಲಾಯಿತು. ವಿವಿಧ ಬ್ಯಾಂಕುಗಳ ಸಾಲ ವಸೂಲಾತಿ ಪ್ರಕರಣಗಳಲ್ಲಿ ರೂ. 2,13,82,361 ಮೊತ್ತವನ್ನು ಇತ್ಯರ್ಥಪಡಿಸಲಾಗಿದೆ ಎಂದು ತಿಳಿಸಿದರು.

ಪಟ್ಟಣದ ನ್ಯಾಯಾಲಯ ಸಂಕೀರ್ಣದಲ್ಲಿ ನಡೆದ ಲೋಕ್ ಅದಾಲತ್ ನಲ್ಲಿ ಸಿವಿಲ್ ಹಾಗೂ ಕ್ರಿಮಿನಲ್ ಪ್ರಕರಣಗಳನ್ನು ರಾಜಿ ಮೂಲಕ ಬಗೆಹರಿಸಲಾಯಿತು. ವಿವಿಧ ಬ್ಯಾಂಕುಗಳ ಸಾಲ ವಸೂಲಾತಿ ಪ್ರಕರಣಗಳಲ್ಲಿ ರೂ. 2,13,82,361 ಮೊತ್ತವನ್ನು ಇತ್ಯರ್ಥಪಡಿಸಲಾಗಿದೆ ಎಂದು ತಿಳಿಸಿದರು.

ನ್ಯಾಯಾಧೀಶರು, ವಕೀಲರ ಸಂಘದ ಅಧ್ಯಕ್ಷರು, ಪದಾಧಿಕಾರಿಗಳು ಹಾಗೂ ಕಕ್ಷಿದಾರರು ಉಪಸ್ಥಿತರಿದ್ದರು.

ಪಟ್ಟಣದ ನ್ಯಾಯಾಲಯ ಸಂಕೀರ್ಣದಲ್ಲಿ ನಡೆದ ಲೋಕ್ ಅದಾಲತ್ ನಲ್ಲಿ ಸಿವಿಲ್ ಹಾಗೂ ಕ್ರಿಮಿನಲ್ ಪ್ರಕರಣಗಳನ್ನು ರಾಜಿ ಮೂಲಕ ಬಗೆಹರಿಸಲಾಯಿತು. ವಿವಿಧ ಬ್ಯಾಂಕುಗಳ ಸಾಲ ವಸೂಲಾತಿ ಪ್ರಕರಣಗಳಲ್ಲಿ ರೂ. 2,13,82,361 ಮೊತ್ತವನ್ನು ಇತ್ಯರ್ಥಪಡಿಸಲಾಗಿದೆ ಎಂದು ತಿಳಿಸಿದರು.

ನಾಗಮಂಗಲ ದಲ್ಲಿ ನಡೆದ ರಾಷ್ಟ್ರೀಯ ಲೋಕ ಅದಾಲತ್ ನಲ್ಲಿ 174 ಪ್ರಕರಣಗಳನ್ನು ಇತ್ಯರ್ಥ ಗೊಳಿಸಲಾಗಿದೆ.

ನ್ಯಾಯಾಧೀಶರು, ವಕೀಲರ ಸಂಘದ ಅಧ್ಯಕ್ಷರು, ಪದಾಧಿಕಾರಿಗಳು ಹಾಗೂ ಕಕ್ಷಿದಾರರು ಉಪಸ್ಥಿತರಿದ್ದರು.
